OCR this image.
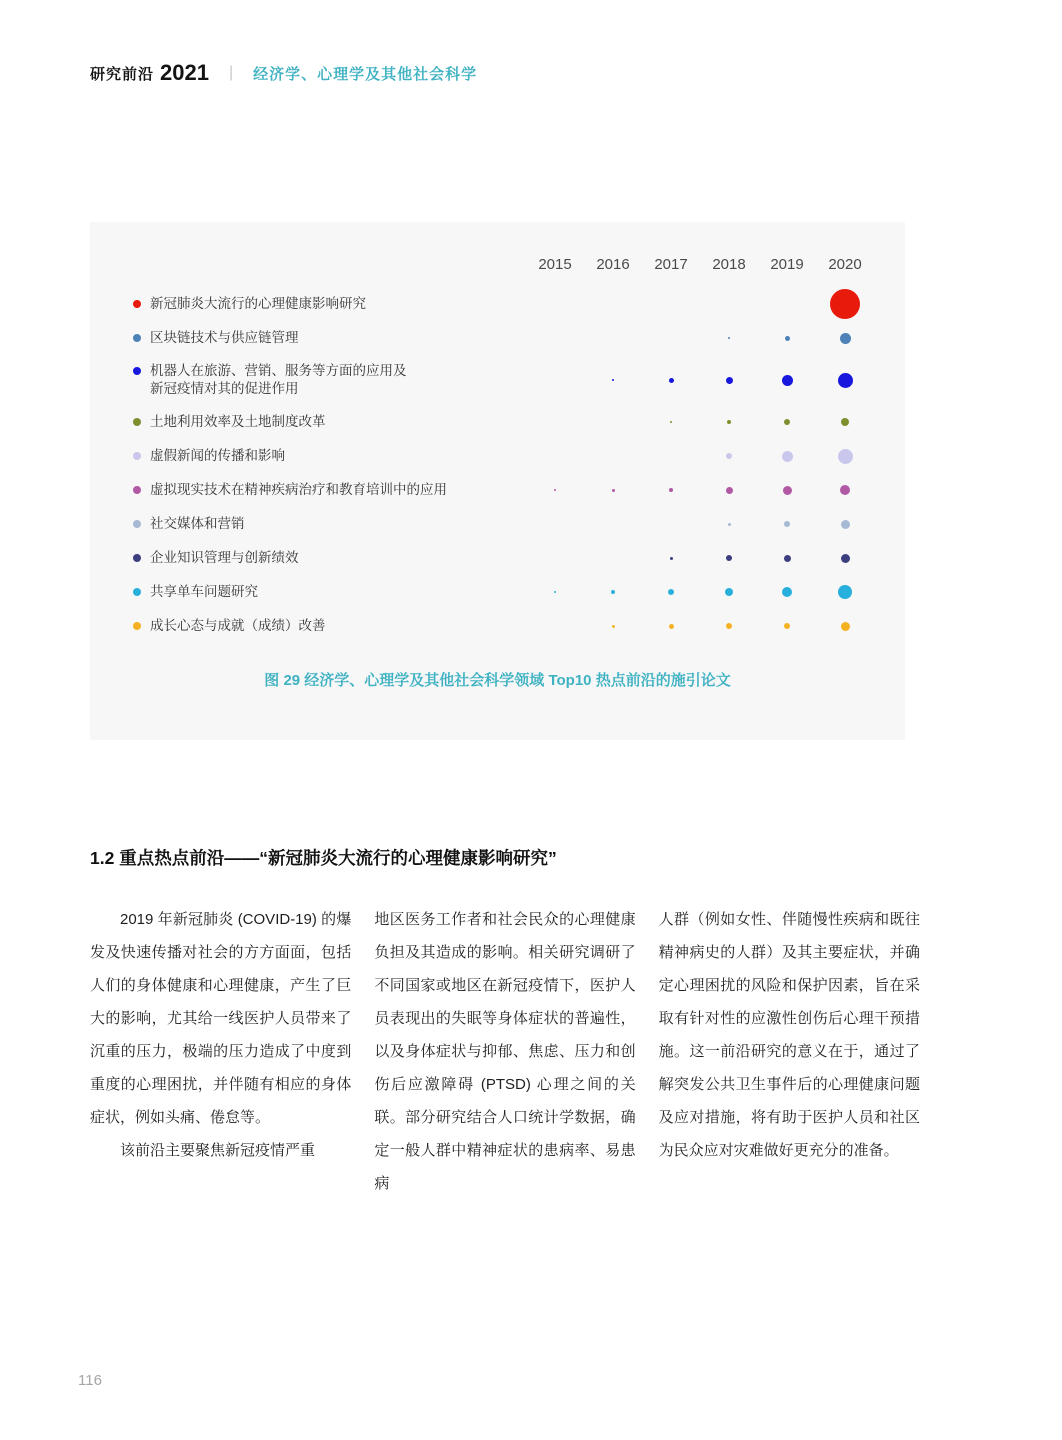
研究前沿 2021 | 经济学、心理学及其他社会科学
2015	2016	2017	2018	2019	2020
新冠肺炎大流行的心理健康影响研究
区块链技术与供应链管理
机器人在旅游、营销、服务等方面的应用及
新冠疫情对其的促进作用
土地利用效率及土地制度改革
虚假新闻的传播和影响
虚拟现实技术在精神疾病治疗和教育培训中的应用
社交媒体和营销
企业知识管理与创新绩效
共享单车问题研究
成长心态与成就（成绩）改善
图 29 经济学、心理学及其他社会科学领域 Top10 热点前沿的施引论文
1.2 重点热点前沿——“新冠肺炎大流行的心理健康影响研究”

2019 年新冠肺炎 (COVID-19) 的爆发及快速传播对社会的方方面面，包括人们的身体健康和心理健康，产生了巨大的影响，尤其给一线医护人员带来了沉重的压力，极端的压力造成了中度到重度的心理困扰，并伴随有相应的身体症状，例如头痛、倦怠等。

该前沿主要聚焦新冠疫情严重

地区医务工作者和社会民众的心理健康负担及其造成的影响。相关研究调研了不同国家或地区在新冠疫情下，医护人员表现出的失眠等身体症状的普遍性，以及身体症状与抑郁、焦虑、压力和创伤后应激障碍 (PTSD) 心理之间的关联。部分研究结合人口统计学数据，确定一般人群中精神症状的患病率、易患病

人群（例如女性、伴随慢性疾病和既往精神病史的人群）及其主要症状，并确定心理困扰的风险和保护因素，旨在采取有针对性的应激性创伤后心理干预措施。这一前沿研究的意义在于，通过了解突发公共卫生事件后的心理健康问题及应对措施，将有助于医护人员和社区为民众应对灾难做好更充分的准备。

116
